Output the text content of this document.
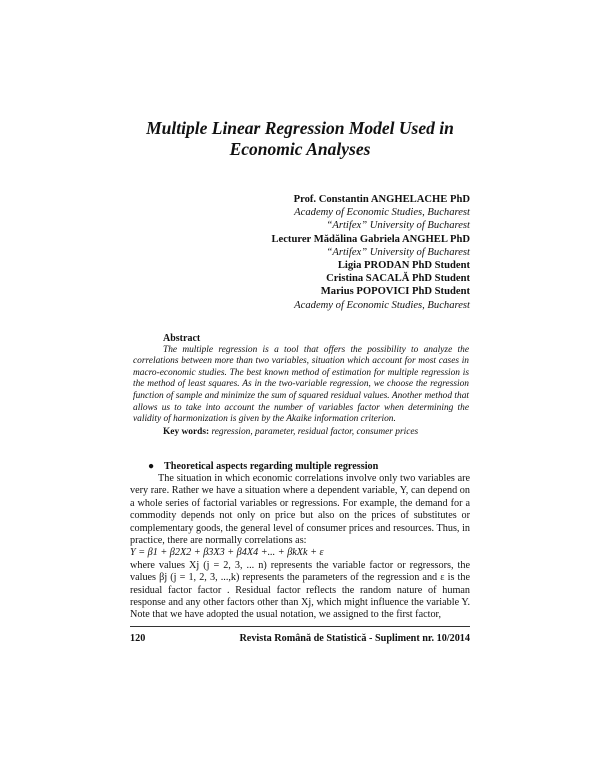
Multiple Linear Regression Model Used in
Economic Analyses
Prof. Constantin ANGHELACHE PhD
Academy of Economic Studies, Bucharest
“Artifex” University of Bucharest
Lecturer Mădălina Gabriela ANGHEL PhD
“Artifex” University of Bucharest
Ligia PRODAN PhD Student
Cristina SACALĂ PhD Student
Marius POPOVICI PhD Student
Academy of Economic Studies, Bucharest
Abstract
The multiple regression is a tool that offers the possibility to analyze the correlations between more than two variables, situation which account for most cases in macro-economic studies. The best known method of estimation for multiple regression is the method of least squares. As in the two-variable regression, we choose the regression function of sample and minimize the sum of squared residual values. Another method that allows us to take into account the number of variables factor when determining the validity of harmonization is given by the Akaike information criterion.
Key words: regression, parameter, residual factor, consumer prices
● Theoretical aspects regarding multiple regression

The situation in which economic correlations involve only two variables are very rare. Rather we have a situation where a dependent variable, Y, can depend on a whole series of factorial variables or regressions. For example, the demand for a commodity depends not only on price but also on the prices of substitutes or complementary goods, the general level of consumer prices and resources. Thus, in practice, there are normally correlations as:

Y = β1 + β2X2 + β3X3 + β4X4 +... + βkXk + ε

where values Xj (j = 2, 3, ... n) represents the variable factor or regressors, the values βj (j = 1, 2, 3, ...,k) represents the parameters of the regression and ε is the residual factor factor . Residual factor reflects the random nature of human response and any other factors other than Xj, which might influence the variable Y. Note that we have adopted the usual notation, we assigned to the first factor,

120	Revista Română de Statistică - Supliment nr. 10/2014
